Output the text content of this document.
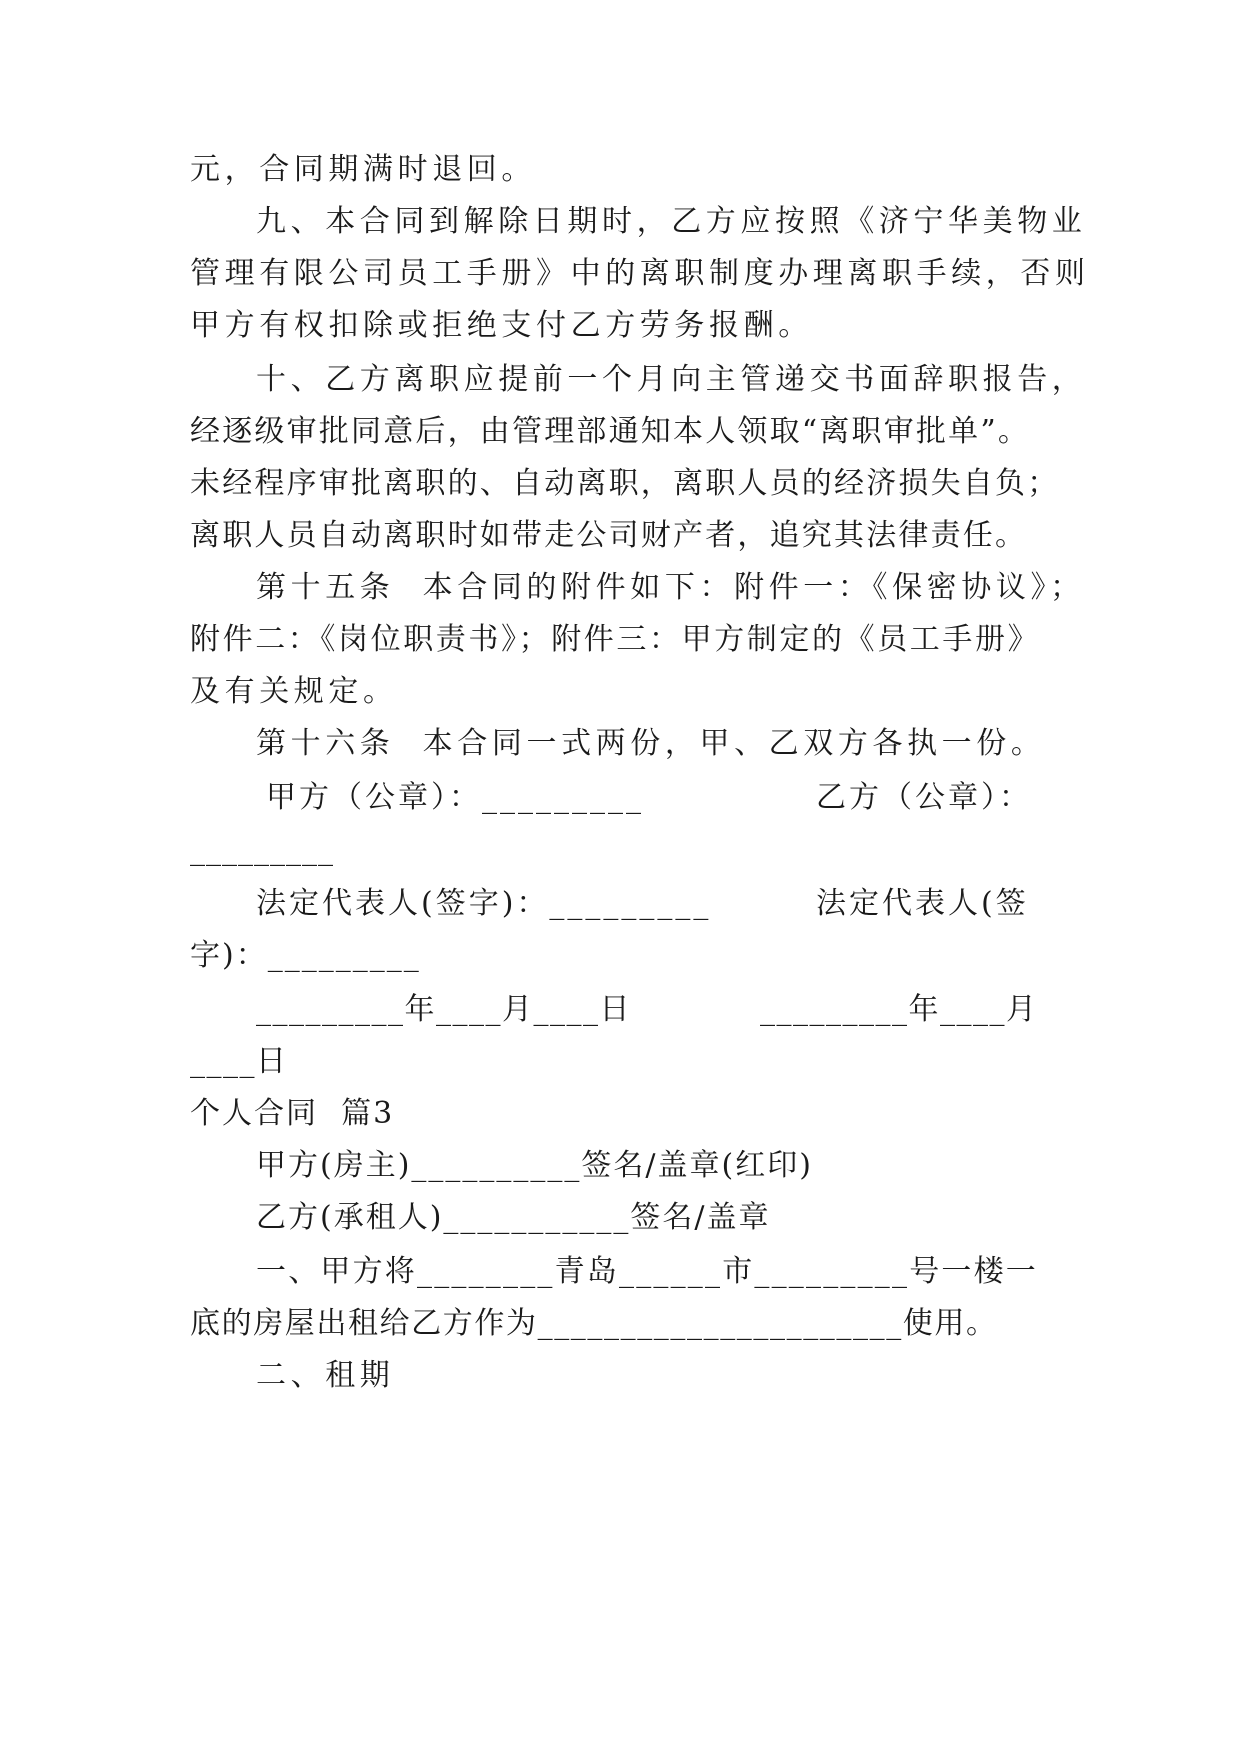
元，合同期满时退回。
九、本合同到解除日期时，乙方应按照《济宁华美物业
管理有限公司员工手册》中的离职制度办理离职手续，否则
甲方有权扣除或拒绝支付乙方劳务报酬。
十、乙方离职应提前一个月向主管递交书面辞职报告，
经逐级审批同意后，由管理部通知本人领取“离职审批单”。
未经程序审批离职的、自动离职，离职人员的经济损失自负；
离职人员自动离职时如带走公司财产者，追究其法律责任。
第十五条  本合同的附件如下：附件一：《保密协议》；
附件二：《岗位职责书》；附件三：甲方制定的《员工手册》
及有关规定。
第十六条  本合同一式两份，甲、乙双方各执一份。
甲方（公章）：_________	乙方（公章）：
_________
法定代表人(签字)：_________	法定代表人(签
字)：_________
_________年____月____日	_________年____月
____日
个人合同  篇3
甲方(房主)__________签名/盖章(红印)
乙方(承租人)___________签名/盖章
一、甲方将________青岛______市_________号一楼一
底的房屋出租给乙方作为______________________使用。
二、租期
